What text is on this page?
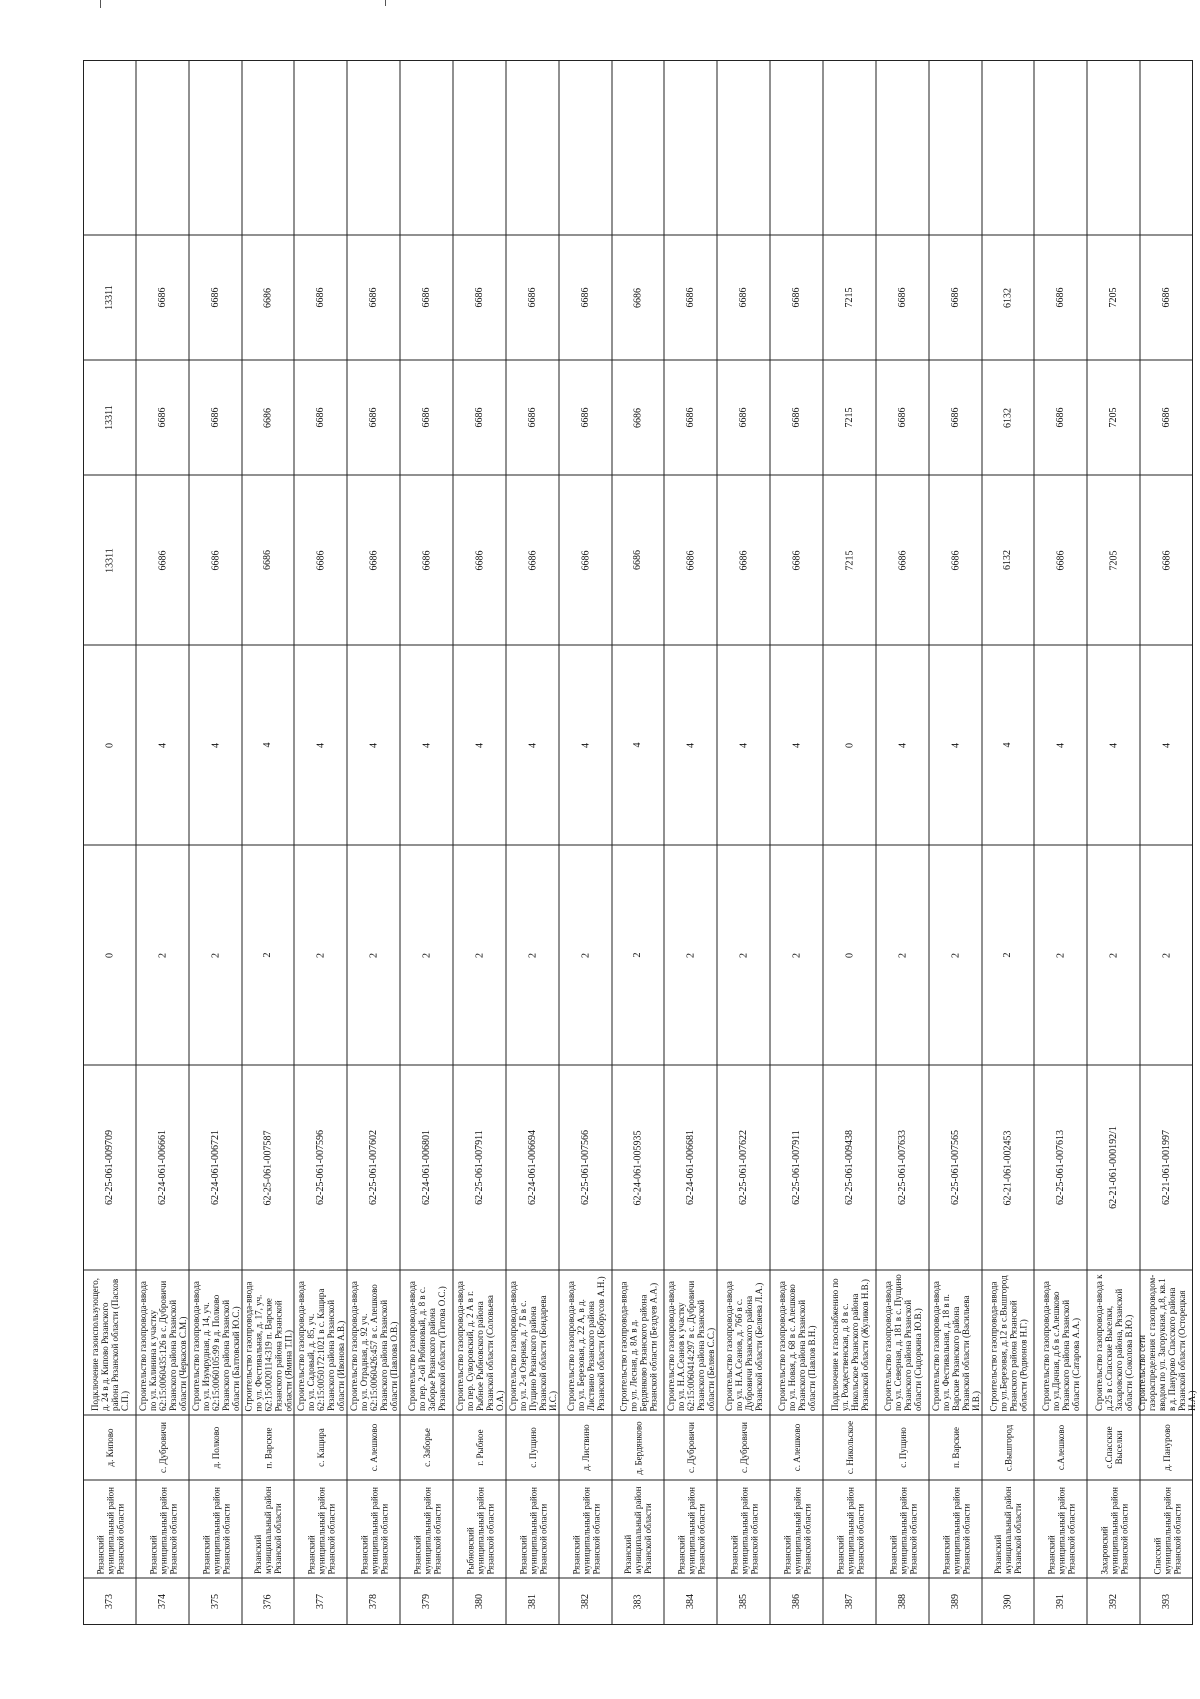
373
Рязанский муниципальный район Рязанской области
д. Кипово
Подключение газоиспользующего, д. 24 в д. Кипово Рязанского района Рязанской области (Пасхов С.П.)
62-25-061-009709
0
0
13311
13311
13311
374
Рязанский муниципальный район Рязанской области
с. Дубровичи
Строительство газопровода-ввода по ул. Калинина к участку 62:15:0060435:126 в с. Дубровичи Рязанского района Рязанской области (Черкасов С.М.)
62-24-061-006661
2
4
6686
6686
6686
375
Рязанский муниципальный район Рязанской области
д. Полково
Строительство газопровода-ввода по ул. Изумрудная, д. 14, уч. 62:15:0060105:99 в д. Полково Рязанского района Рязанской области (Балтовский Ю.С.)
62-24-061-006721
2
4
6686
6686
6686
376
Рязанский муниципальный район Рязанской области
п. Варские
Строительство газопровода-ввода по ул. Фестивальная, д. 17, уч. 62:15:0020114:319 п. Варские Рязанского района Рязанской области (Ямина Т.П.)
62-25-061-007587
2
4
6686
6686
6686
377
Рязанский муниципальный район Рязанской области
с. Кащира
Строительство газопровода-ввода по ул. Садовый, д. 85, уч. 62:15:0050172:1021 в с. Кащира Рязанского района Рязанской области (Ивонова А.В.)
62-25-061-007596
2
4
6686
6686
6686
378
Рязанский муниципальный район Рязанской области
с. Алешково
Строительство газопровода-ввода по ул. Отрадная, д. 92 уч. 62:15:0060426:457 в с. Алешково Рязанского района Рязанской области (Павлова О.В.)
62-25-061-007602
2
4
6686
6686
6686
379
Рязанский муниципальный район Рязанской области
с. Заборье
Строительство газопровода-ввода по пер. 2-ой Рябиновый, д. 8 в с. Заборье Рязанского района Рязанской области (Титова О.С.)
62-24-061-006801
2
4
6686
6686
6686
380
Рыбновский муниципальный район Рязанской области
г. Рыбное
Строительство газопровода-ввода по пер. Суворовский, д. 2 А в г. Рыбное Рыбновского района Рязанской области (Соловьева О.А.)
62-25-061-007911
2
4
6686
6686
6686
381
Рязанский муниципальный район Рязанской области
с. Пущино
Строительство газопровода-ввода по ул. 2-я Озерная, д. 7 Б в с. Пущино Рязанского района Рязанской области (Бондарева И.С.)
62-24-061-006694
2
4
6686
6686
6686
382
Рязанский муниципальный район Рязанской области
д. Листвино
Строительство газопровода-ввода по ул. Березовая, д. 22 А, в д. Листвино Рязанского района Рязанской области (Бобрусов А.Н.)
62-25-061-007566
2
4
6686
6686
6686
383
Рязанский муниципальный район Рязанской области
д. Бердянково
Строительство газопровода-ввода по ул. Лесная, д. 8А в д. Бердянково Рязанского района Рязанской области (Бездуев А.А.)
62-24-061-005935
2
4
6686
6686
6686
384
Рязанский муниципальный район Рязанской области
с. Дубровичи
Строительство газопровода-ввода по ул. Н.А.Сеанов к участку 62:15:0060414:297 в с. Дубровичи Рязанского района Рязанской области (Беляев С.С.)
62-24-061-006681
2
4
6686
6686
6686
385
Рязанский муниципальный район Рязанской области
с. Дубровичи
Строительство газопровода-ввода по ул. Н.А.Сеанов, д. 76б в с. Дубровичи Рязанского района Рязанской области (Беляева Л.А.)
62-25-061-007622
2
4
6686
6686
6686
386
Рязанский муниципальный район Рязанской области
с. Алешково
Строительство газопровода-ввода по ул. Новая, д. 68 в с. Алешково Рязанского района Рязанской области (Павлов В.Н.)
62-25-061-007911
2
4
6686
6686
6686
387
Рязанский муниципальный район Рязанской области
с. Никольское
Подключение к газоснабжению по ул. Рождественская, д. 8 в с. Никольское Рязанского района Рязанской области (Жуликов Н.В.)
62-25-061-009438
0
0
7215
7215
7215
388
Рязанский муниципальный район Рязанской области
с. Пущино
Строительство газопровода-ввода по ул. Северная, д. 181 в с. Пущино Рязанского района Рязанской области (Сидоркина Ю.В.)
62-25-061-007633
2
4
6686
6686
6686
389
Рязанский муниципальный район Рязанской области
п. Варские
Строительство газопровода-ввода по ул. Фестивальная, д. 18 в п. Варские Рязанского района Рязанской области (Васильева И.В.)
62-25-061-007565
2
4
6686
6686
6686
390
Рязанский муниципальный район Рязанской области
с.Вышгород
Строительство газопровода-ввода по ул.Березовая, д.12 в с.Вышгород Рязанского района Рязанской области (Родионов Н.Г.)
62-21-061-002453
2
4
6132
6132
6132
391
Рязанский муниципальный район Рязанской области
с.Алешково
Строительство газопровода-ввода по ул.Дачная, д.6 в с.Алешково Рязанского района Рязанской области (Сатарова А.А.)
62-25-061-007613
2
4
6686
6686
6686
392
Захаровский муниципальный район Рязанской области
с.Спасские Выселки
Строительство газопровода-ввода к д.25 в с.Спасские Выселки, Захаровского района, Рязанской области (Соколова В.Ю.)
62-21-061-000192/1
2
4
7205
7205
7205
393
Спасский муниципальный район Рязанской области
д. Панурово
Строительство сети газораспределения с газопроводом-вводом по ул. Загорукная, д.8, кв.1 в д. Панурово Спасского района Рязанской области (Осторецкая Н.А.)
62-21-061-001997
2
4
6686
6686
6686
